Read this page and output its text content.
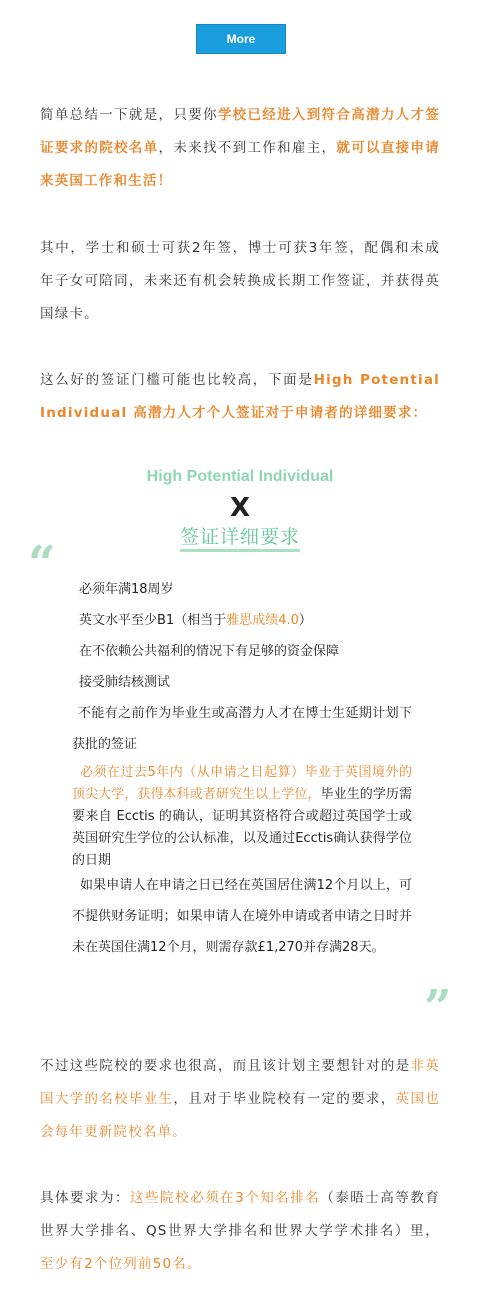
More

简单总结一下就是，只要你学校已经进入到符合高潜力人才签证要求的院校名单，未来找不到工作和雇主，就可以直接申请来英国工作和生活！

其中，学士和硕士可获2年签，博士可获3年签，配偶和未成年子女可陪同，未来还有机会转换成长期工作签证，并获得英国绿卡。

这么好的签证门槛可能也比较高，下面是High Potential Individual 高潜力人才个人签证对于申请者的详细要求：

High Potential Individual

X

签证详细要求

“ 必须年满18周岁

英文水平至少B1（相当于雅思成绩4.0）

在不依赖公共福利的情况下有足够的资金保障

接受肺结核测试

不能有之前作为毕业生或高潜力人才在博士生延期计划下获批的签证

必须在过去5年内（从申请之日起算）毕业于英国境外的顶尖大学，获得本科或者研究生以上学位，毕业生的学历需要来自 Ecctis 的确认，证明其资格符合或超过英国学士或英国研究生学位的公认标准，以及通过Ecctis确认获得学位的日期

如果申请人在申请之日已经在英国居住满12个月以上，可不提供财务证明；如果申请人在境外申请或者申请之日时并未在英国住满12个月，则需存款£1,270并存满28天。

”

不过这些院校的要求也很高，而且该计划主要想针对的是非英国大学的名校毕业生，且对于毕业院校有一定的要求，英国也会每年更新院校名单。

具体要求为：这些院校必须在3个知名排名（泰晤士高等教育世界大学排名、QS世界大学排名和世界大学学术排名）里，至少有2个位列前50名。
